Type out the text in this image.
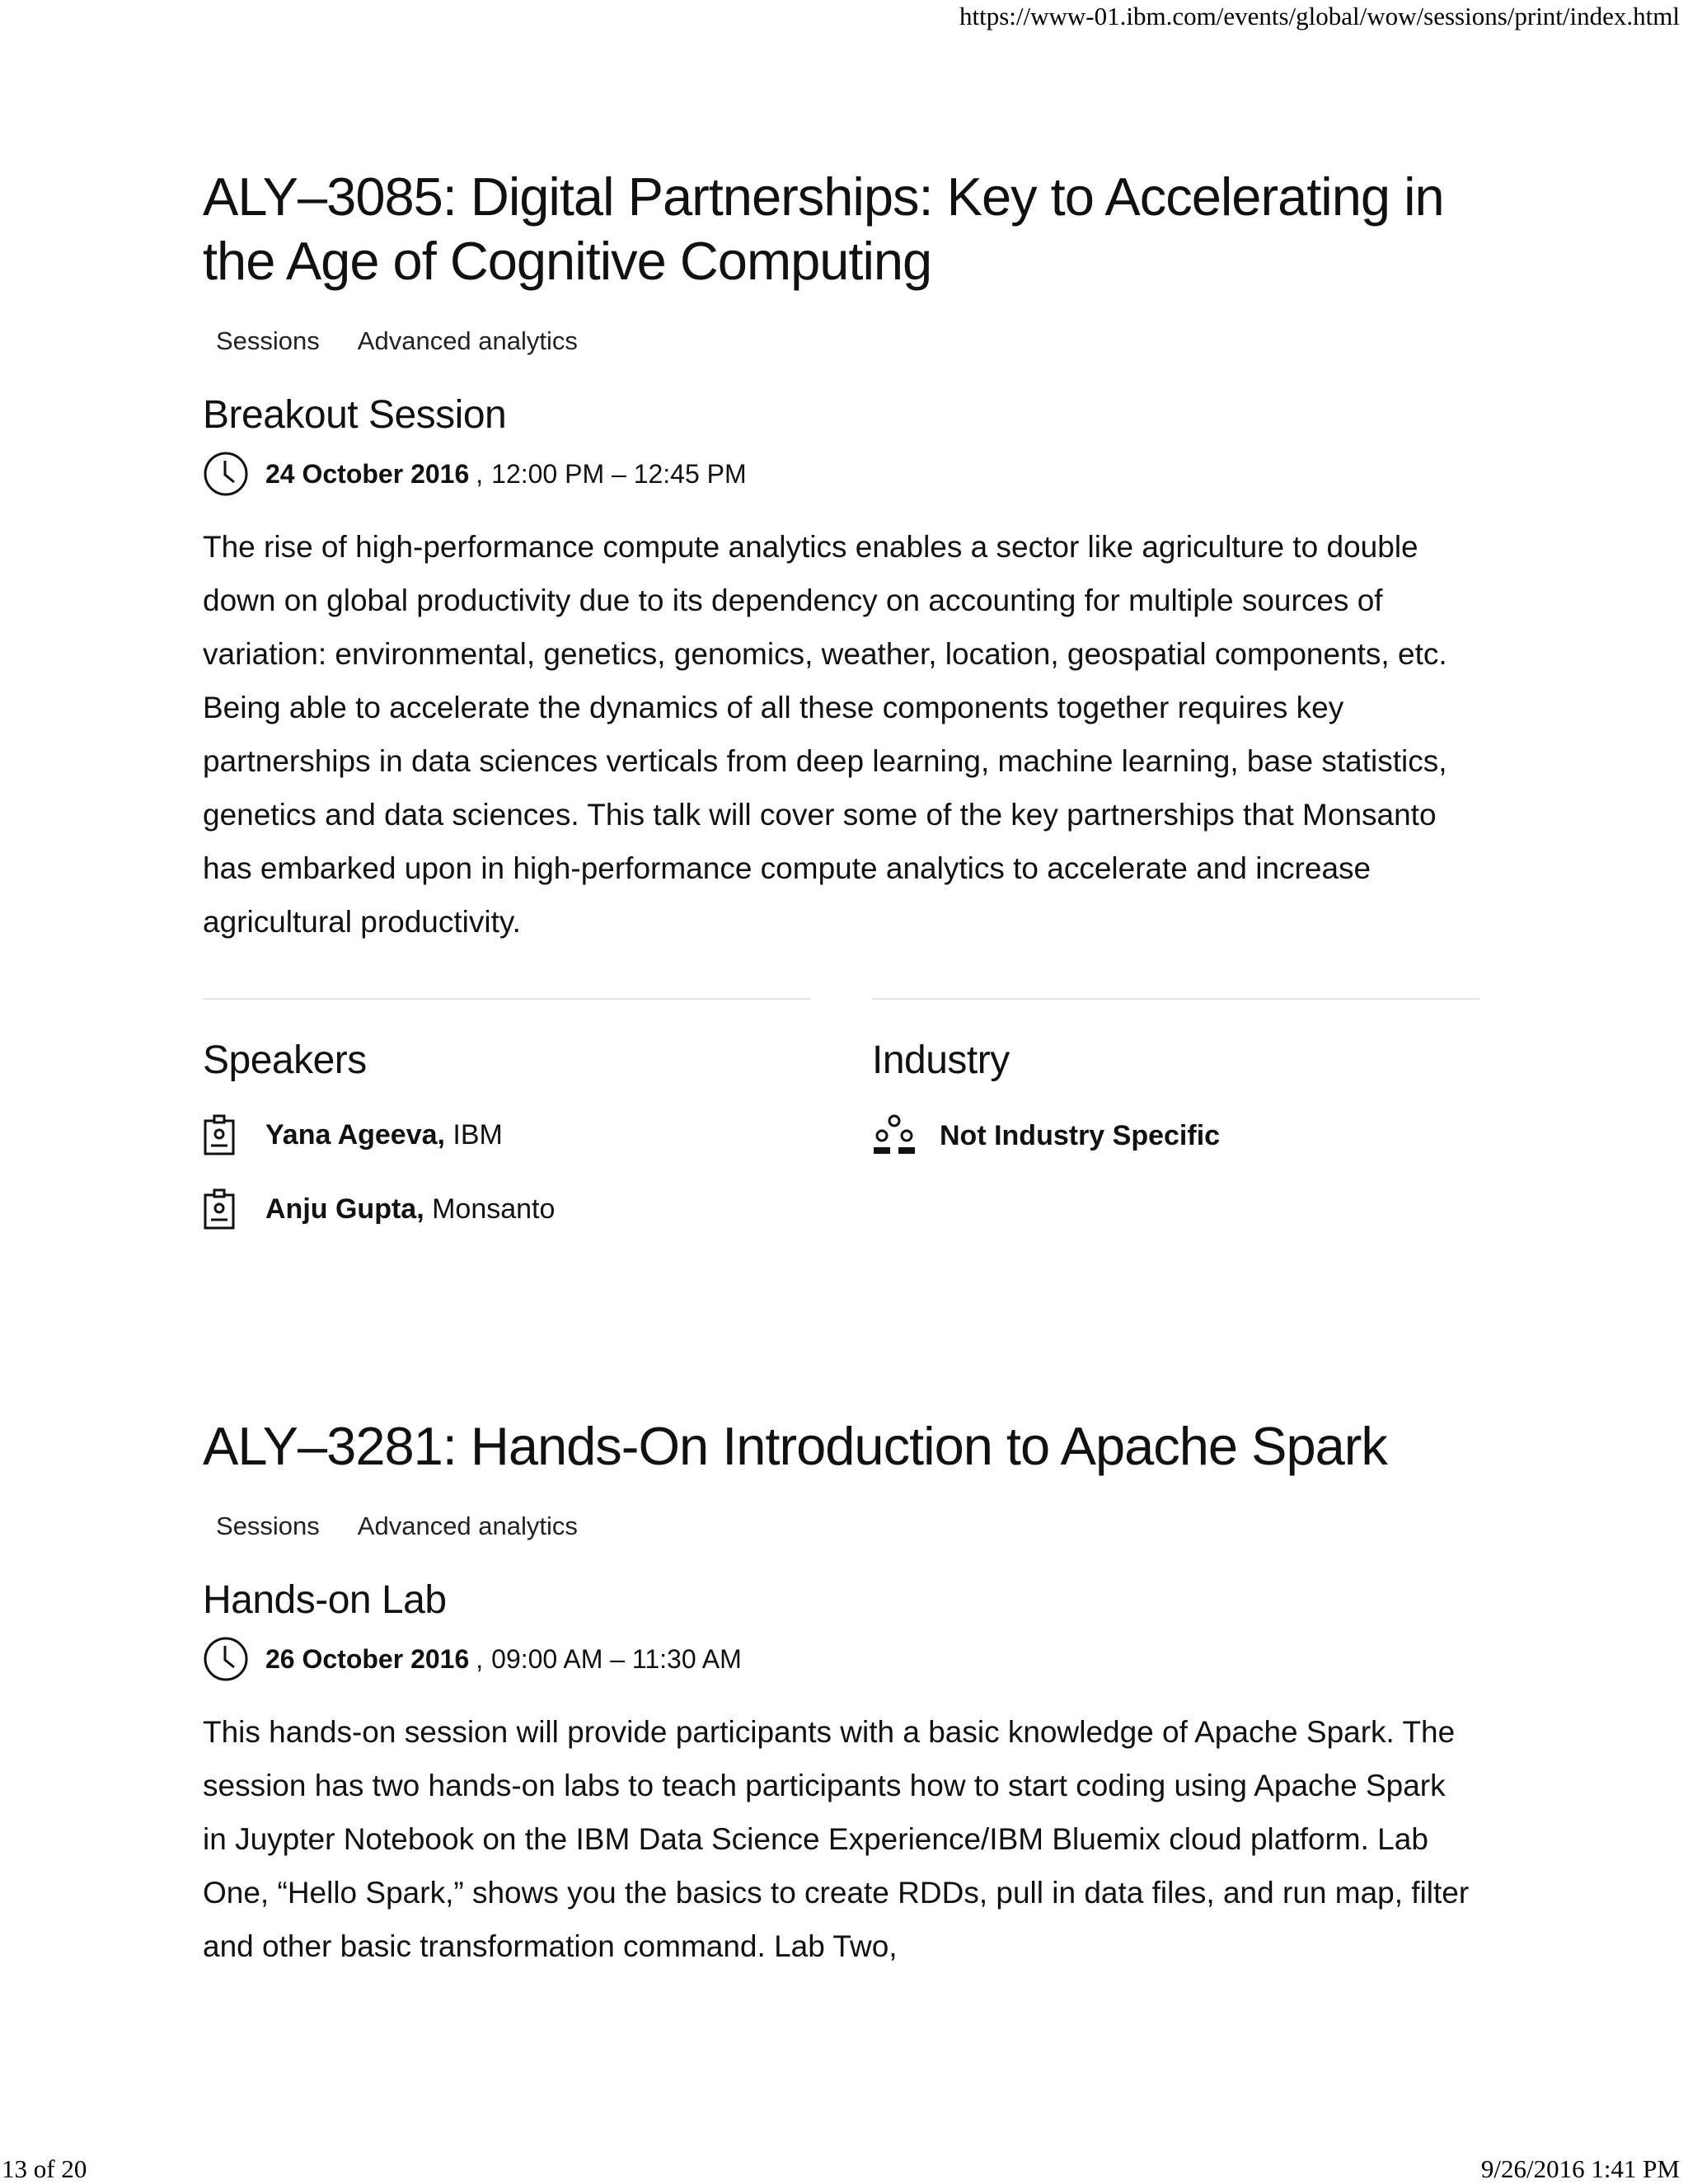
https://www-01.ibm.com/events/global/wow/sessions/print/index.html
ALY–3085: Digital Partnerships: Key to Accelerating in the Age of Cognitive Computing
Sessions Advanced analytics
Breakout Session
24 October 2016 , 12:00 PM – 12:45 PM
The rise of high-performance compute analytics enables a sector like agriculture to double down on global productivity due to its dependency on accounting for multiple sources of variation: environmental, genetics, genomics, weather, location, geospatial components, etc. Being able to accelerate the dynamics of all these components together requires key partnerships in data sciences verticals from deep learning, machine learning, base statistics, genetics and data sciences. This talk will cover some of the key partnerships that Monsanto has embarked upon in high-performance compute analytics to accelerate and increase agricultural productivity.
Speakers
Yana Ageeva, IBM
Anju Gupta, Monsanto
Industry
Not Industry Specific
ALY–3281: Hands-On Introduction to Apache Spark
Sessions Advanced analytics
Hands-on Lab
26 October 2016 , 09:00 AM – 11:30 AM
This hands-on session will provide participants with a basic knowledge of Apache Spark. The session has two hands-on labs to teach participants how to start coding using Apache Spark in Juypter Notebook on the IBM Data Science Experience/IBM Bluemix cloud platform. Lab One, “Hello Spark,” shows you the basics to create RDDs, pull in data files, and run map, filter and other basic transformation command. Lab Two,
13 of 20	9/26/2016 1:41 PM
